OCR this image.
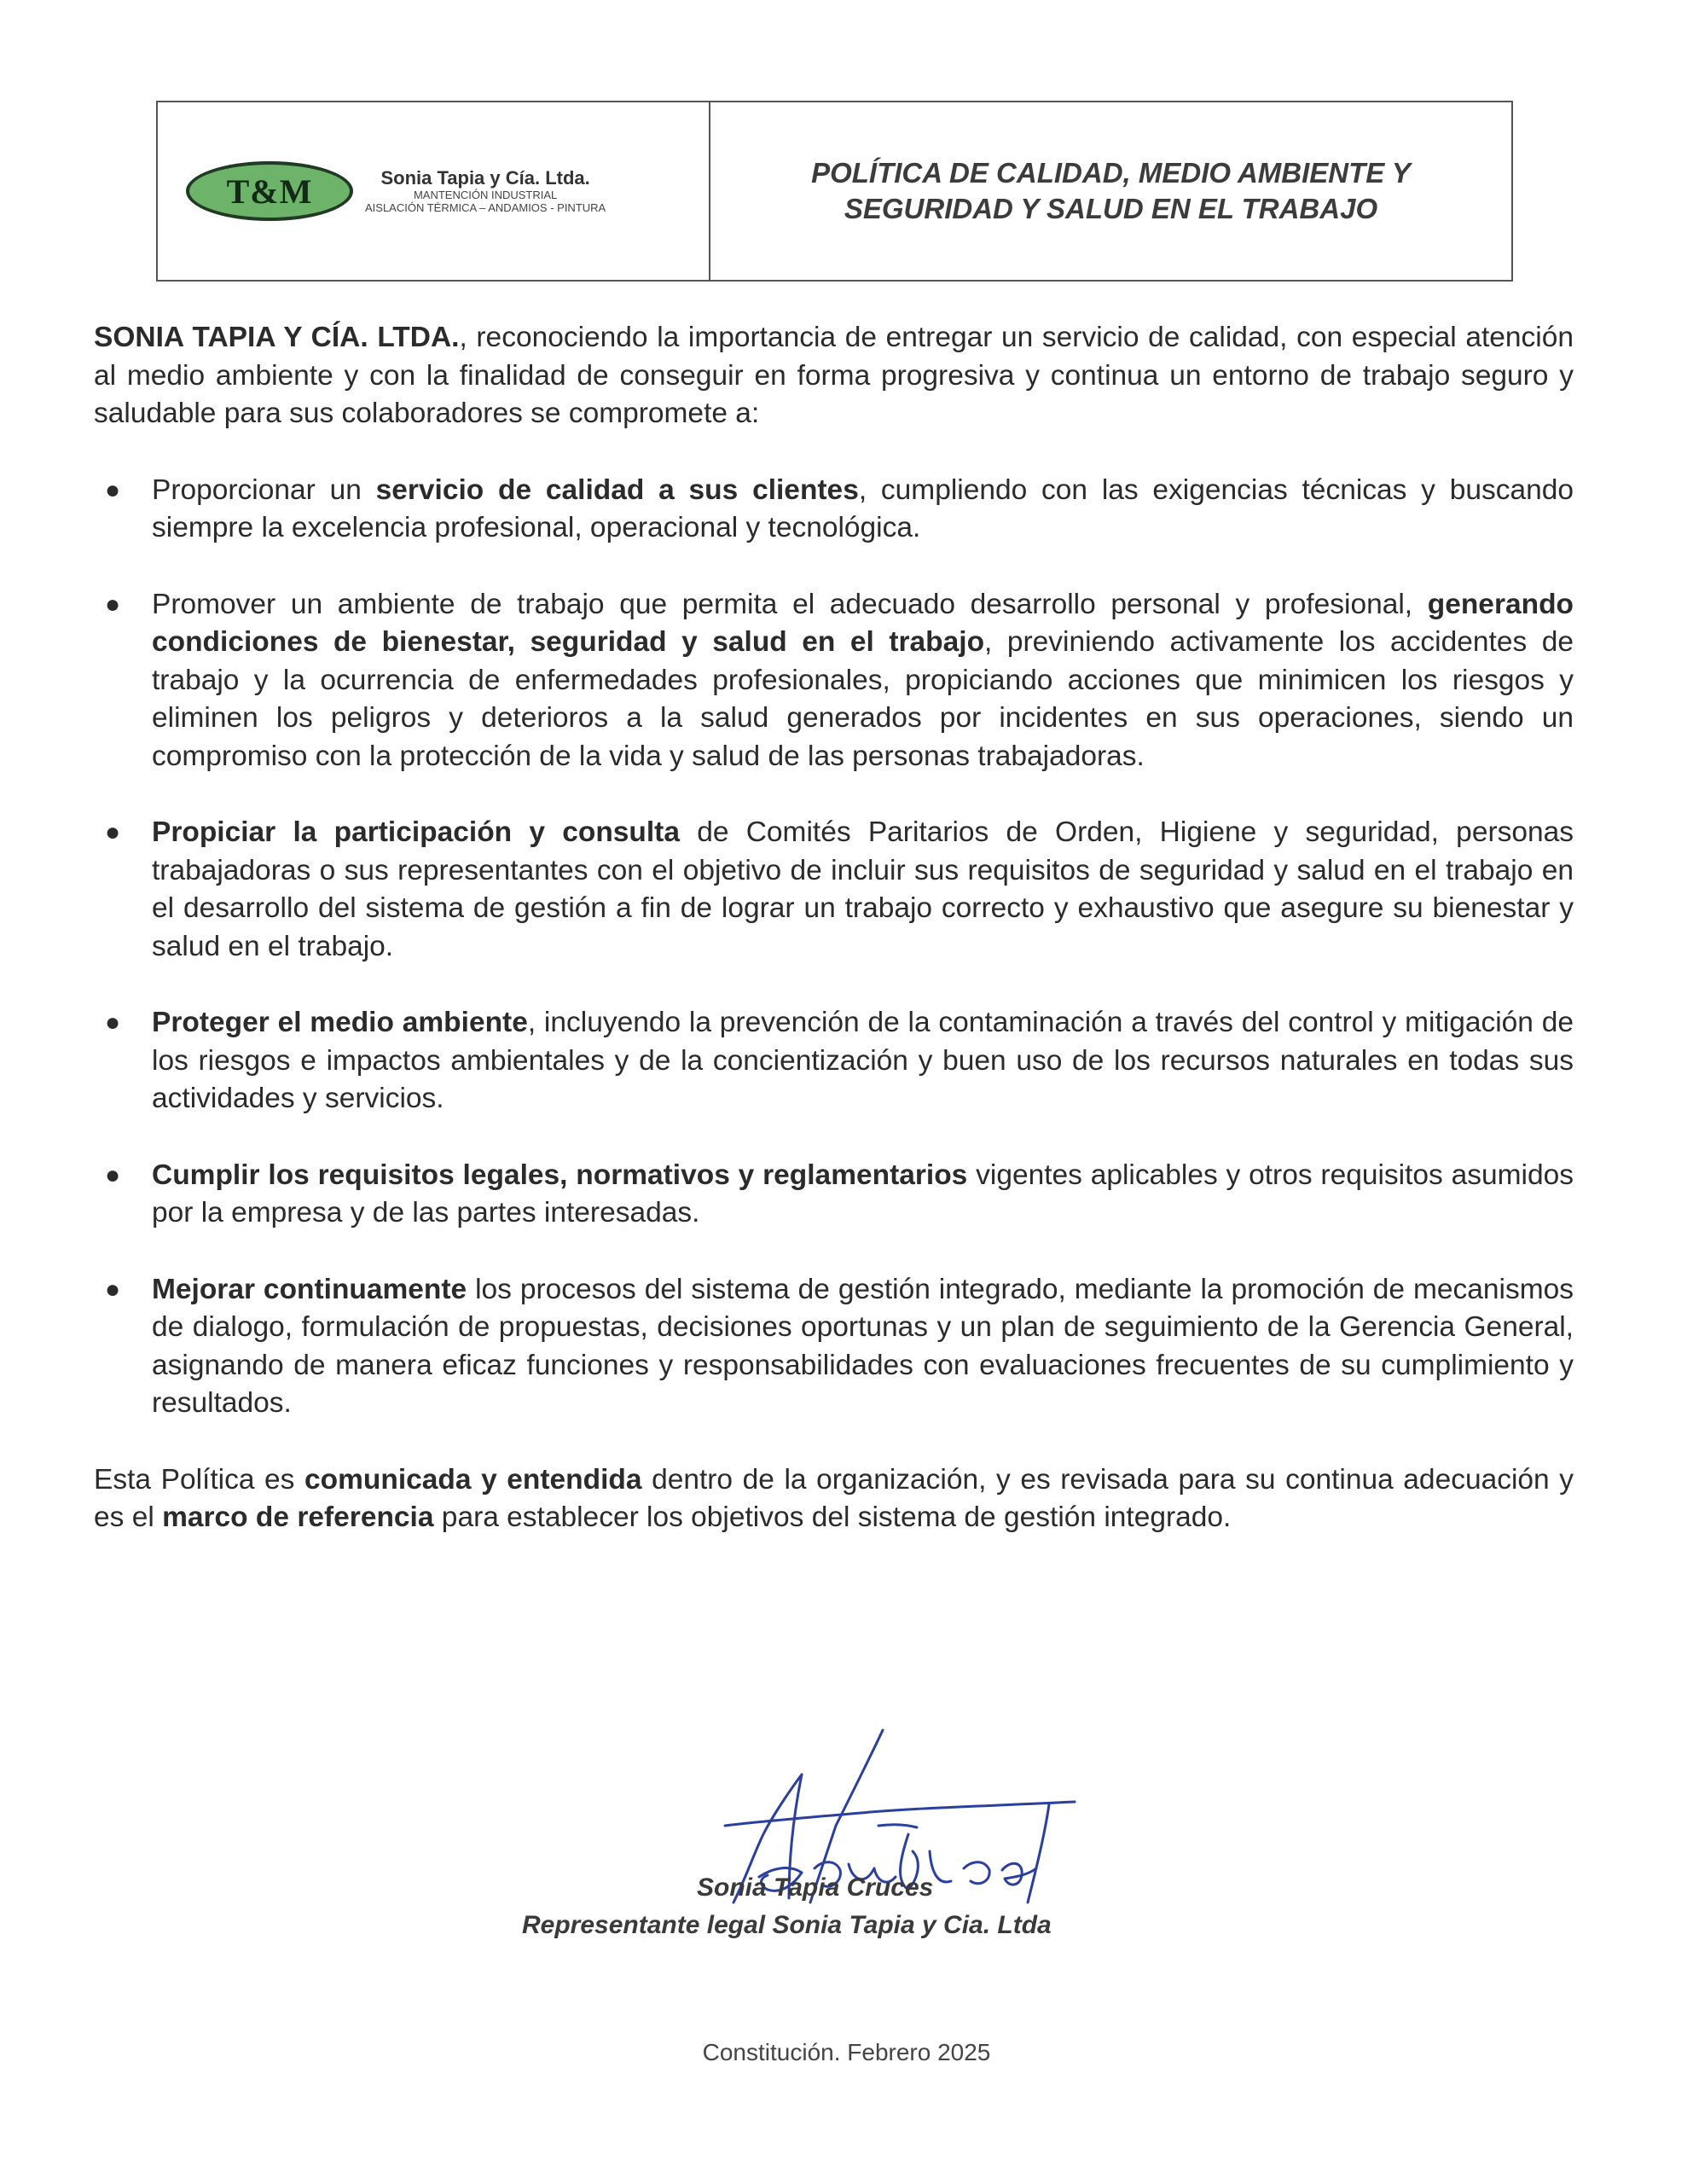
T&M	Sonia Tapia y Cía. Ltda.
MANTENCIÓN INDUSTRIAL
AISLACIÓN TÉRMICA – ANDAMIOS - PINTURA
POLÍTICA DE CALIDAD, MEDIO AMBIENTE Y
SEGURIDAD Y SALUD EN EL TRABAJO

SONIA TAPIA Y CÍA. LTDA., reconociendo la importancia de entregar un servicio de calidad, con especial atención al medio ambiente y con la finalidad de conseguir en forma progresiva y continua un entorno de trabajo seguro y saludable para sus colaboradores se compromete a:

● Proporcionar un servicio de calidad a sus clientes, cumpliendo con las exigencias técnicas y buscando siempre la excelencia profesional, operacional y tecnológica.
● Promover un ambiente de trabajo que permita el adecuado desarrollo personal y profesional, generando condiciones de bienestar, seguridad y salud en el trabajo, previniendo activamente los accidentes de trabajo y la ocurrencia de enfermedades profesionales, propiciando acciones que minimicen los riesgos y eliminen los peligros y deterioros a la salud generados por incidentes en sus operaciones, siendo un compromiso con la protección de la vida y salud de las personas trabajadoras.
● Propiciar la participación y consulta de Comités Paritarios de Orden, Higiene y seguridad, personas trabajadoras o sus representantes con el objetivo de incluir sus requisitos de seguridad y salud en el trabajo en el desarrollo del sistema de gestión a fin de lograr un trabajo correcto y exhaustivo que asegure su bienestar y salud en el trabajo.
● Proteger el medio ambiente, incluyendo la prevención de la contaminación a través del control y mitigación de los riesgos e impactos ambientales y de la concientización y buen uso de los recursos naturales en todas sus actividades y servicios.
● Cumplir los requisitos legales, normativos y reglamentarios vigentes aplicables y otros requisitos asumidos por la empresa y de las partes interesadas.
● Mejorar continuamente los procesos del sistema de gestión integrado, mediante la promoción de mecanismos de dialogo, formulación de propuestas, decisiones oportunas y un plan de seguimiento de la Gerencia General, asignando de manera eficaz funciones y responsabilidades con evaluaciones frecuentes de su cumplimiento y resultados.

Esta Política es comunicada y entendida dentro de la organización, y es revisada para su continua adecuación y es el marco de referencia para establecer los objetivos del sistema de gestión integrado.

Sonia Tapia Cruces
Representante legal Sonia Tapia y Cia. Ltda
Constitución. Febrero 2025
